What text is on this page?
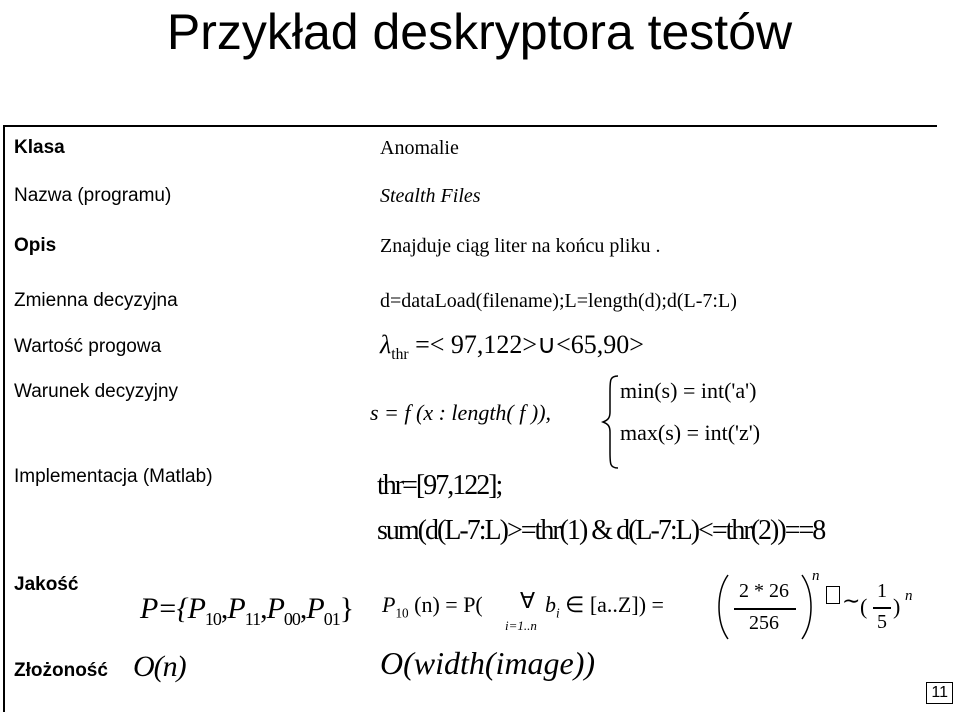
Przykład deskryptora testów
Klasa
Nazwa (programu)
Opis
Zmienna decyzyjna
Wartość progowa
Warunek decyzyjny
Implementacja (Matlab)
Jakość
Złożoność
Anomalie
Stealth Files
Znajduje ciąg liter na końcu pliku .
d=dataLoad(filename);L=length(d);d(L-7:L)
$\lambda_{thr}$ =< 97,122>∪<65,90>
s = f (x : length( f )),
min(s) = int('a')
max(s) = int('z')
thr=[97,122];
sum(d(L-7:L)>=thr(1) & d(L-7:L)<=thr(2))==8
$P=\{P_{10},P_{11},P_{00},P_{01}\}$ $P_{10}$ (n) = P( ∀
i=1..n
$b_i$ ∈ [a..Z]) =
2 * 26
256
n
∼ (
1
5
) n
O(n)	O(width(image))
11
